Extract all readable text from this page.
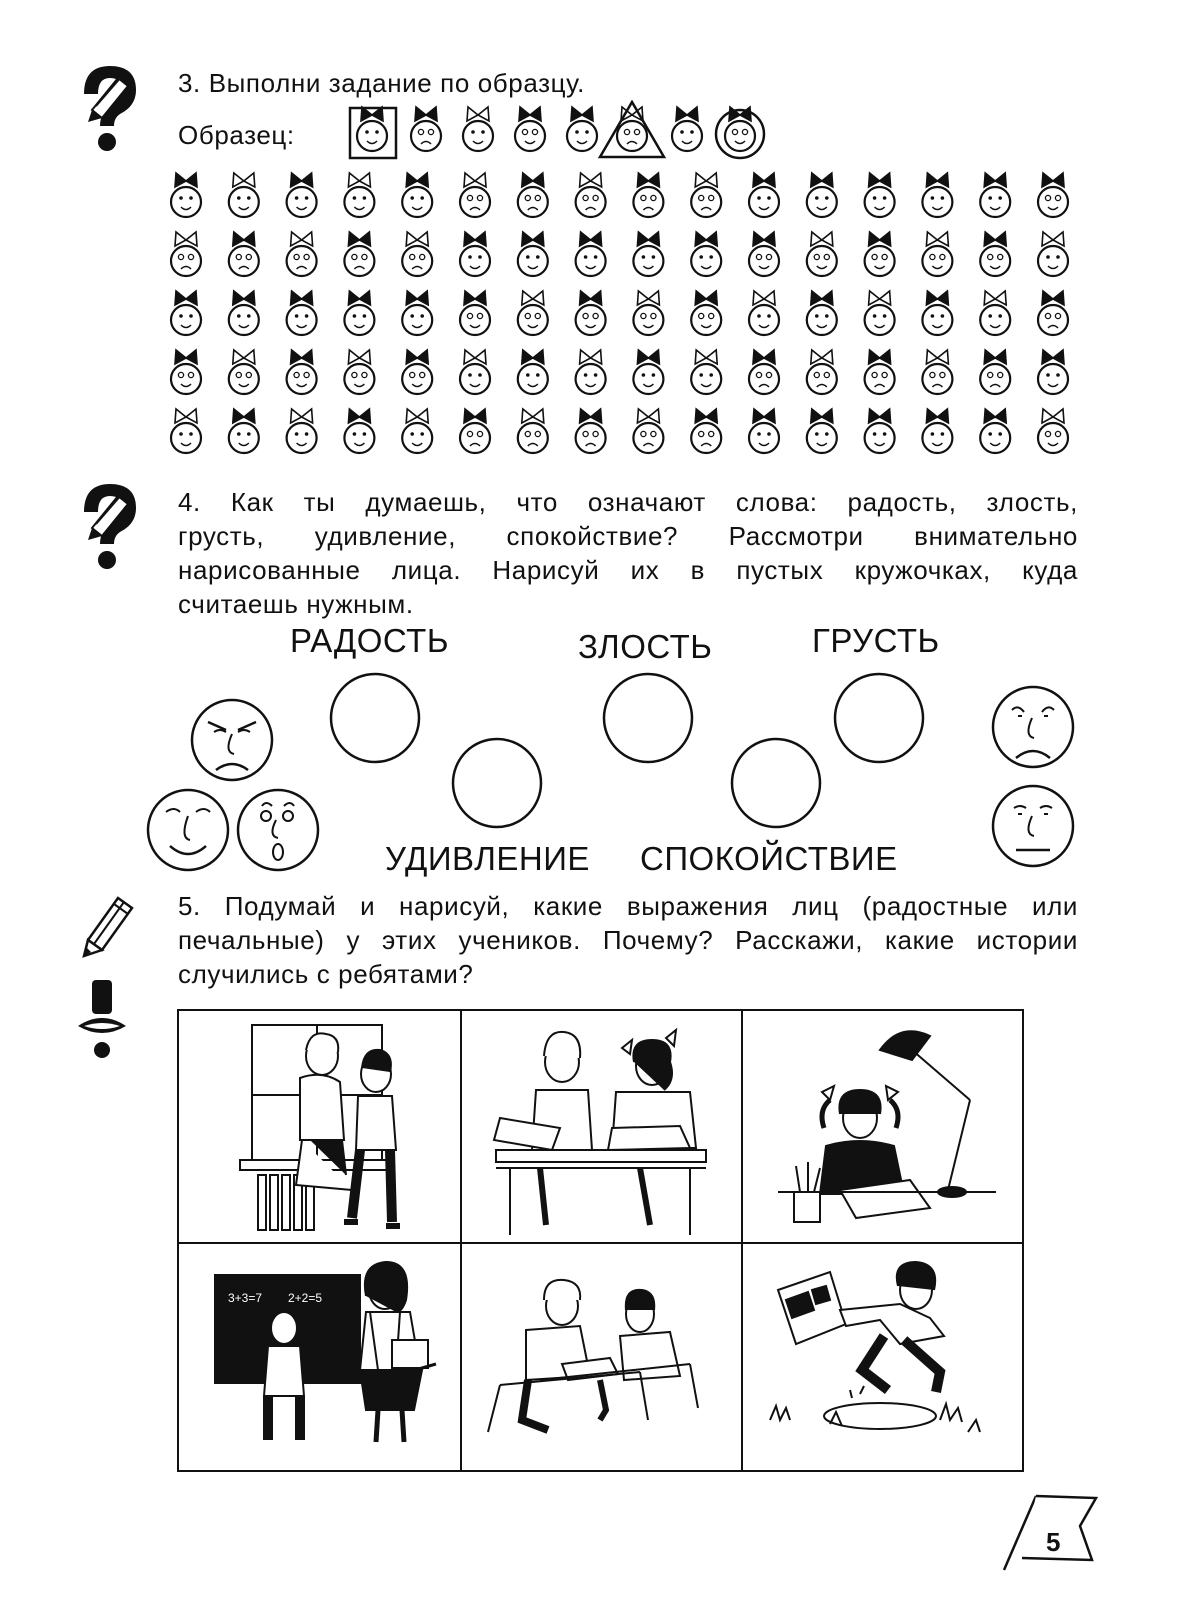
3. Выполни задание по образцу.
Образец:
4. Как ты думаешь, что означают слова: радость, злость,
грусть, удивление, спокойствие? Рассмотри внимательно
нарисованные лица. Нарисуй их в пустых кружочках, куда
считаешь нужным.
РАДОСТЬ	ЗЛОСТЬ	ГРУСТЬ
УДИВЛЕНИЕ СПОКОЙСТВИЕ
5. Подумай и нарисуй, какие выражения лиц (радостные или
печальные) у этих учеников. Почему? Расскажи, какие истории
случились с ребятами?
3+3=7 2+2=5
5
